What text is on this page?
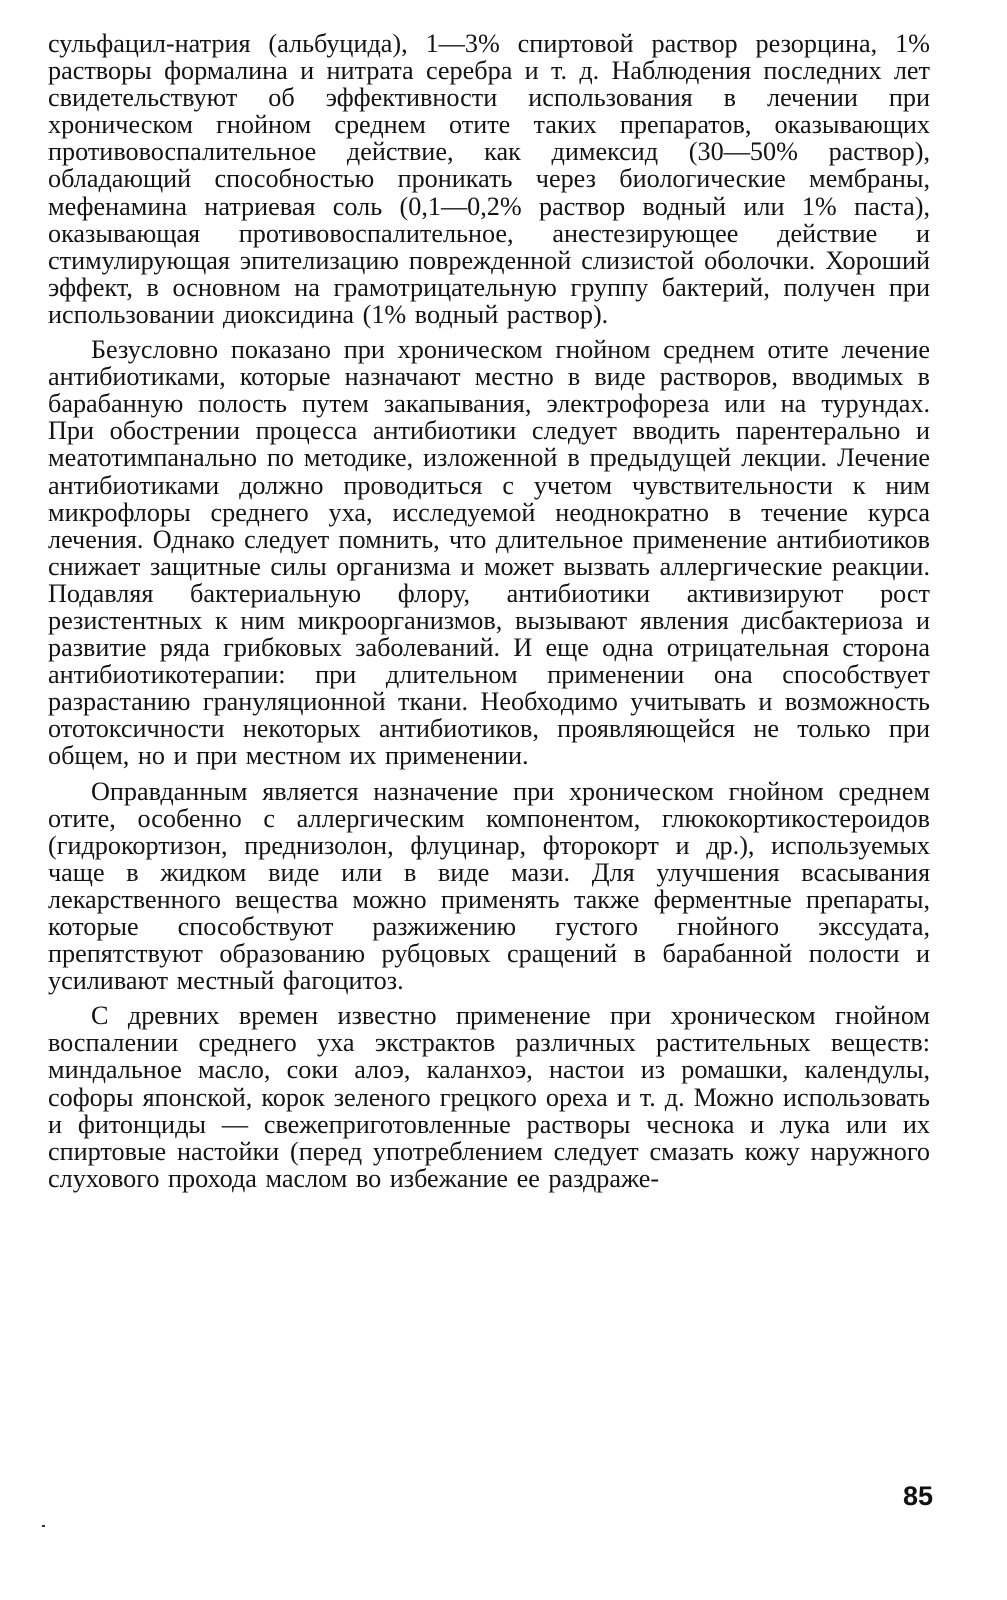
сульфацил-натрия (альбуцида), 1—3% спиртовой раствор резорцина, 1% растворы формалина и нитрата серебра и т. д. Наблюдения последних лет свидетельствуют об эффективности использования в лечении при хроническом гнойном среднем отите таких препаратов, оказывающих противовоспалительное действие, как димексид (30—50% раствор), обладающий способностью проникать через биологические мембраны, мефенамина натриевая соль (0,1—0,2% раствор водный или 1% паста), оказывающая противовоспалительное, анестезирующее действие и стимулирующая эпителизацию поврежденной слизистой оболочки. Хороший эффект, в основном на грамотрицательную группу бактерий, получен при использовании диоксидина (1% водный раствор).

Безусловно показано при хроническом гнойном среднем отите лечение антибиотиками, которые назначают местно в виде растворов, вводимых в барабанную полость путем закапывания, электрофореза или на турундах. При обострении процесса антибиотики следует вводить парентерально и меатотимпанально по методике, изложенной в предыдущей лекции. Лечение антибиотиками должно проводиться с учетом чувствительности к ним микрофлоры среднего уха, исследуемой неоднократно в течение курса лечения. Однако следует помнить, что длительное применение антибиотиков снижает защитные силы организма и может вызвать аллергические реакции. Подавляя бактериальную флору, антибиотики активизируют рост резистентных к ним микроорганизмов, вызывают явления дисбактериоза и развитие ряда грибковых заболеваний. И еще одна отрицательная сторона антибиотикотерапии: при длительном применении она способствует разрастанию грануляционной ткани. Необходимо учитывать и возможность ототоксичности некоторых антибиотиков, проявляющейся не только при общем, но и при местном их применении.

Оправданным является назначение при хроническом гнойном среднем отите, особенно с аллергическим компонентом, глюкокортикостероидов (гидрокортизон, преднизолон, флуцинар, фторокорт и др.), используемых чаще в жидком виде или в виде мази. Для улучшения всасывания лекарственного вещества можно применять также ферментные препараты, которые способствуют разжижению густого гнойного экссудата, препятствуют образованию рубцовых сращений в барабанной полости и усиливают местный фагоцитоз.

С древних времен известно применение при хроническом гнойном воспалении среднего уха экстрактов различных растительных веществ: миндальное масло, соки алоэ, каланхоэ, настои из ромашки, календулы, софоры японской, корок зеленого грецкого ореха и т. д. Можно использовать и фитонциды — свежеприготовленные растворы чеснока и лука или их спиртовые настойки (перед употреблением следует смазать кожу наружного слухового прохода маслом во избежание ее раздраже-

85
